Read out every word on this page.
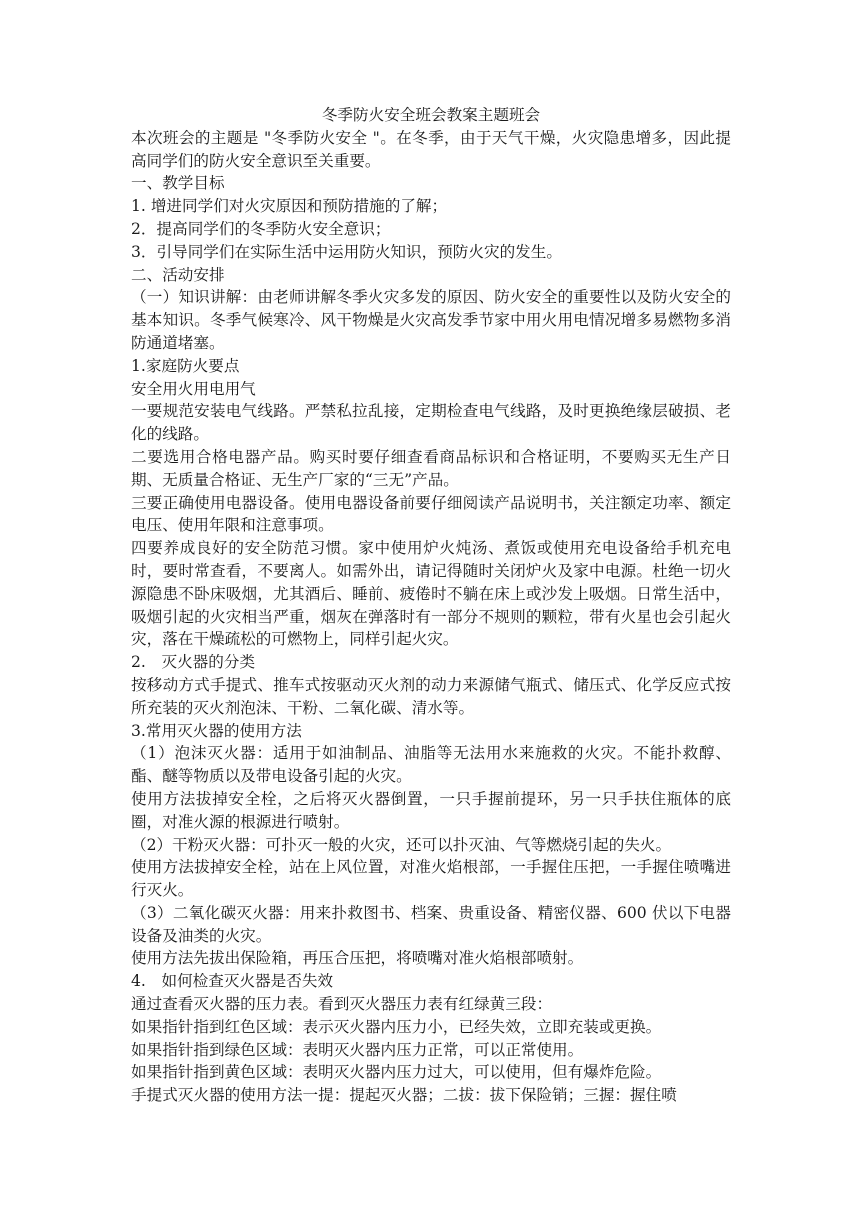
冬季防火安全班会教案主题班会

本次班会的主题是 "冬季防火安全 "。在冬季，由于天气干燥，火灾隐患增多，因此提高同学们的防火安全意识至关重要。

一、教学目标

1. 增进同学们对火灾原因和预防措施的了解；

2．提高同学们的冬季防火安全意识；

3．引导同学们在实际生活中运用防火知识，预防火灾的发生。

二、活动安排

（一）知识讲解：由老师讲解冬季火灾多发的原因、防火安全的重要性以及防火安全的基本知识。冬季气候寒冷、风干物燥是火灾高发季节家中用火用电情况增多易燃物多消防通道堵塞。

1.家庭防火要点

安全用火用电用气

一要规范安装电气线路。严禁私拉乱接，定期检查电气线路，及时更换绝缘层破损、老化的线路。

二要选用合格电器产品。购买时要仔细查看商品标识和合格证明，不要购买无生产日期、无质量合格证、无生产厂家的“三无”产品。

三要正确使用电器设备。使用电器设备前要仔细阅读产品说明书，关注额定功率、额定电压、使用年限和注意事项。

四要养成良好的安全防范习惯。家中使用炉火炖汤、煮饭或使用充电设备给手机充电时，要时常查看，不要离人。如需外出，请记得随时关闭炉火及家中电源。杜绝一切火源隐患不卧床吸烟，尤其酒后、睡前、疲倦时不躺在床上或沙发上吸烟。日常生活中，吸烟引起的火灾相当严重，烟灰在弹落时有一部分不规则的颗粒，带有火星也会引起火灾，落在干燥疏松的可燃物上，同样引起火灾。

2.　灭火器的分类

按移动方式手提式、推车式按驱动灭火剂的动力来源储气瓶式、储压式、化学反应式按所充装的灭火剂泡沫、干粉、二氧化碳、清水等。

3.常用灭火器的使用方法

（1）泡沫灭火器：适用于如油制品、油脂等无法用水来施救的火灾。不能扑救醇、酯、醚等物质以及带电设备引起的火灾。

使用方法拔掉安全栓，之后将灭火器倒置，一只手握前提环，另一只手扶住瓶体的底圈，对准火源的根源进行喷射。

（2）干粉灭火器：可扑灭一般的火灾，还可以扑灭油、气等燃烧引起的失火。

使用方法拔掉安全栓，站在上风位置，对准火焰根部，一手握住压把，一手握住喷嘴进行灭火。

（3）二氧化碳灭火器：用来扑救图书、档案、贵重设备、精密仪器、600 伏以下电器设备及油类的火灾。

使用方法先拔出保险箱，再压合压把，将喷嘴对准火焰根部喷射。

4.　如何检查灭火器是否失效

通过查看灭火器的压力表。看到灭火器压力表有红绿黄三段：

如果指针指到红色区域：表示灭火器内压力小，已经失效，立即充装或更换。

如果指针指到绿色区域：表明灭火器内压力正常，可以正常使用。

如果指针指到黄色区域：表明灭火器内压力过大，可以使用，但有爆炸危险。

手提式灭火器的使用方法一提：提起灭火器；二拔：拔下保险销；三握：握住喷
